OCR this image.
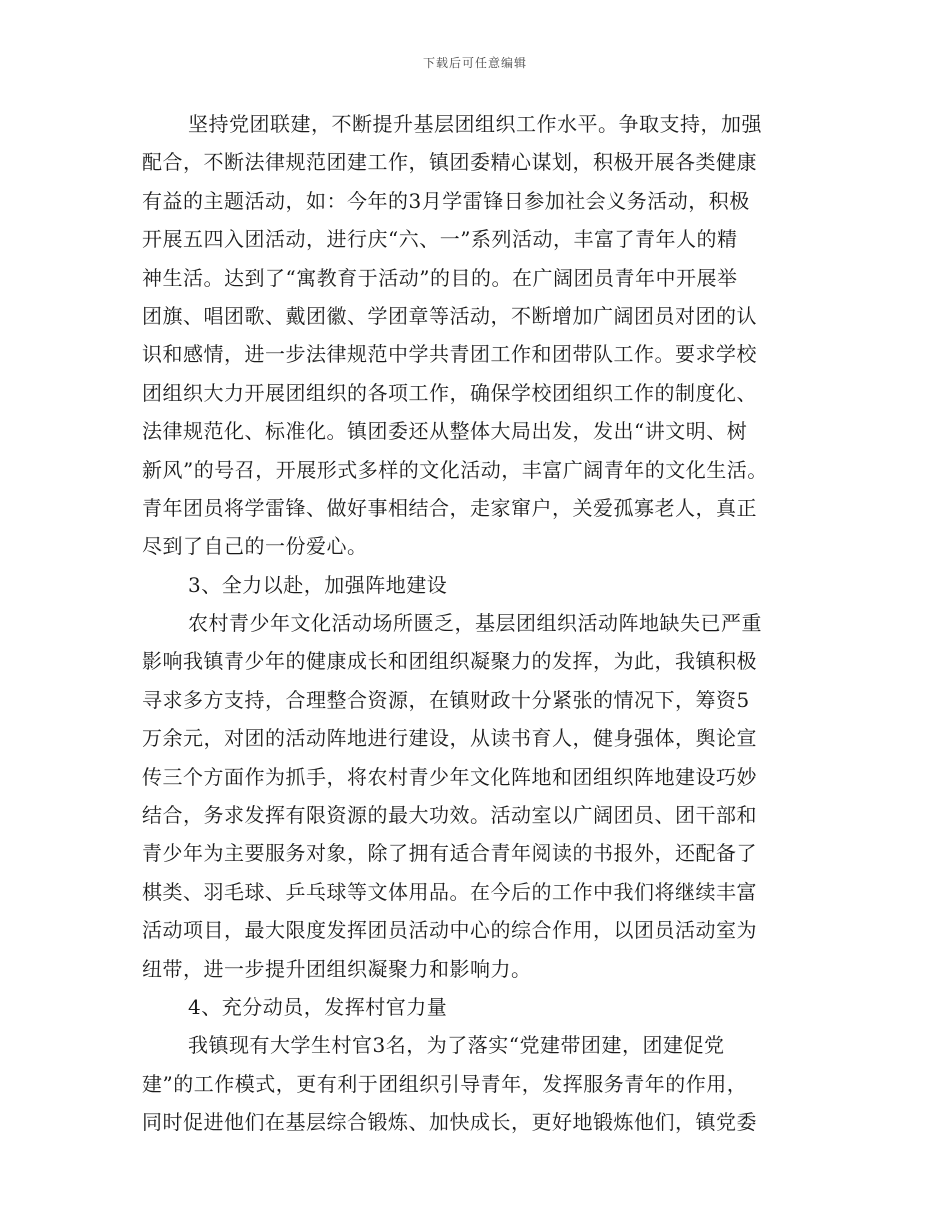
下载后可任意编辑
坚持党团联建，不断提升基层团组织工作水平。争取支持，加强
配合，不断法律规范团建工作，镇团委精心谋划，积极开展各类健康
有益的主题活动，如：今年的3月学雷锋日参加社会义务活动，积极
开展五四入团活动，进行庆“六、一”系列活动，丰富了青年人的精
神生活。达到了“寓教育于活动”的目的。在广阔团员青年中开展举
团旗、唱团歌、戴团徽、学团章等活动，不断增加广阔团员对团的认
识和感情，进一步法律规范中学共青团工作和团带队工作。要求学校
团组织大力开展团组织的各项工作，确保学校团组织工作的制度化、
法律规范化、标准化。镇团委还从整体大局出发，发出“讲文明、树
新风”的号召，开展形式多样的文化活动，丰富广阔青年的文化生活。
青年团员将学雷锋、做好事相结合，走家窜户，关爱孤寡老人，真正
尽到了自己的一份爱心。
3、全力以赴，加强阵地建设
农村青少年文化活动场所匮乏，基层团组织活动阵地缺失已严重
影响我镇青少年的健康成长和团组织凝聚力的发挥，为此，我镇积极
寻求多方支持，合理整合资源，在镇财政十分紧张的情况下，筹资5
万余元，对团的活动阵地进行建设，从读书育人，健身强体，舆论宣
传三个方面作为抓手，将农村青少年文化阵地和团组织阵地建设巧妙
结合，务求发挥有限资源的最大功效。活动室以广阔团员、团干部和
青少年为主要服务对象，除了拥有适合青年阅读的书报外，还配备了
棋类、羽毛球、乒乓球等文体用品。在今后的工作中我们将继续丰富
活动项目，最大限度发挥团员活动中心的综合作用，以团员活动室为
纽带，进一步提升团组织凝聚力和影响力。
4、充分动员，发挥村官力量
我镇现有大学生村官3名，为了落实“党建带团建，团建促党
建”的工作模式，更有利于团组织引导青年，发挥服务青年的作用，
同时促进他们在基层综合锻炼、加快成长，更好地锻炼他们，镇党委
